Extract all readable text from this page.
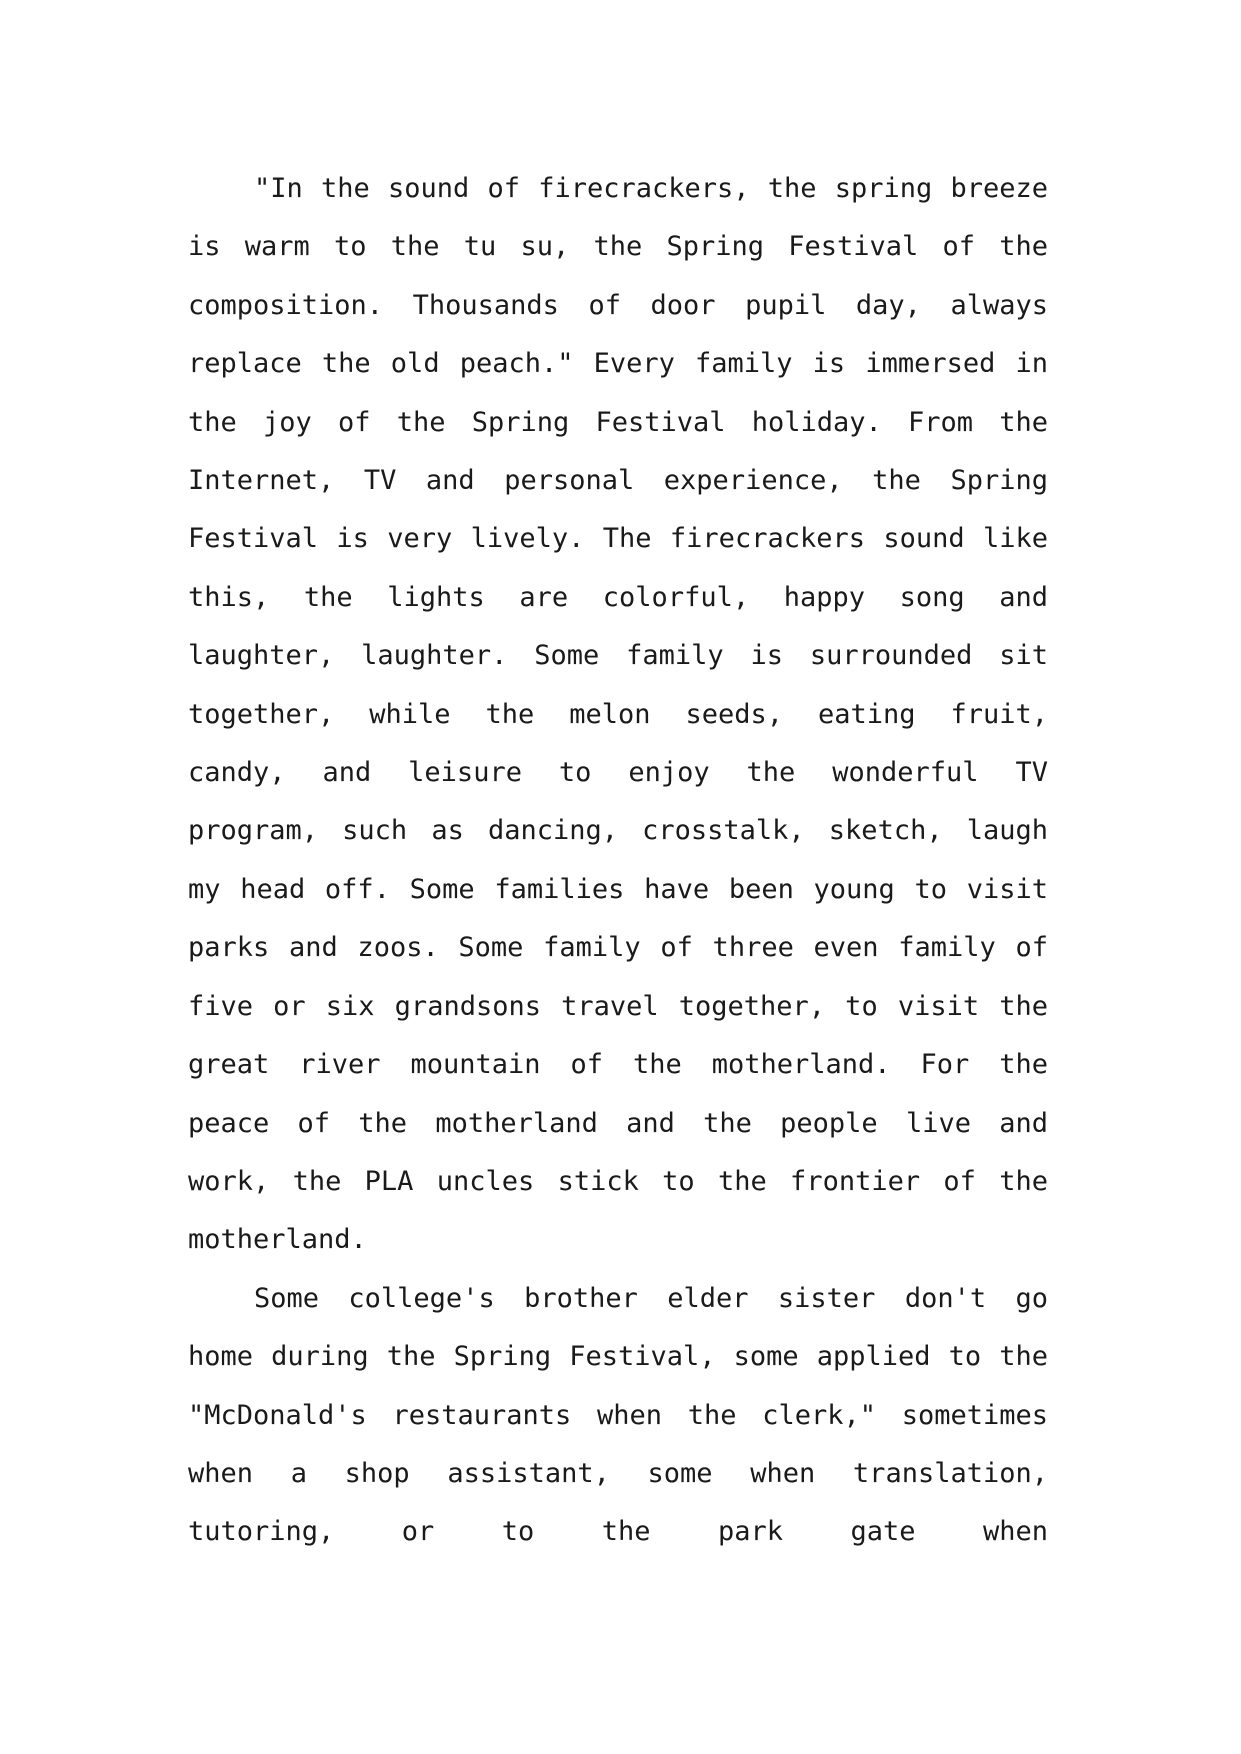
"In the sound of firecrackers, the spring breeze is warm to the tu su, the Spring Festival of the composition. Thousands of door pupil day, always replace the old peach." Every family is immersed in the joy of the Spring Festival holiday. From the Internet, TV and personal experience, the Spring Festival is very lively. The firecrackers sound like this, the lights are colorful, happy song and laughter, laughter. Some family is surrounded sit together, while the melon seeds, eating fruit, candy, and leisure to enjoy the wonderful TV program, such as dancing, crosstalk, sketch, laugh my head off. Some families have been young to visit parks and zoos. Some family of three even family of five or six grandsons travel together, to visit the great river mountain of the motherland. For the peace of the motherland and the people live and work, the PLA uncles stick to the frontier of the motherland.

Some college's brother elder sister don't go home during the Spring Festival, some applied to the "McDonald's restaurants when the clerk," sometimes when a shop assistant, some when translation, tutoring, or to the park gate when
